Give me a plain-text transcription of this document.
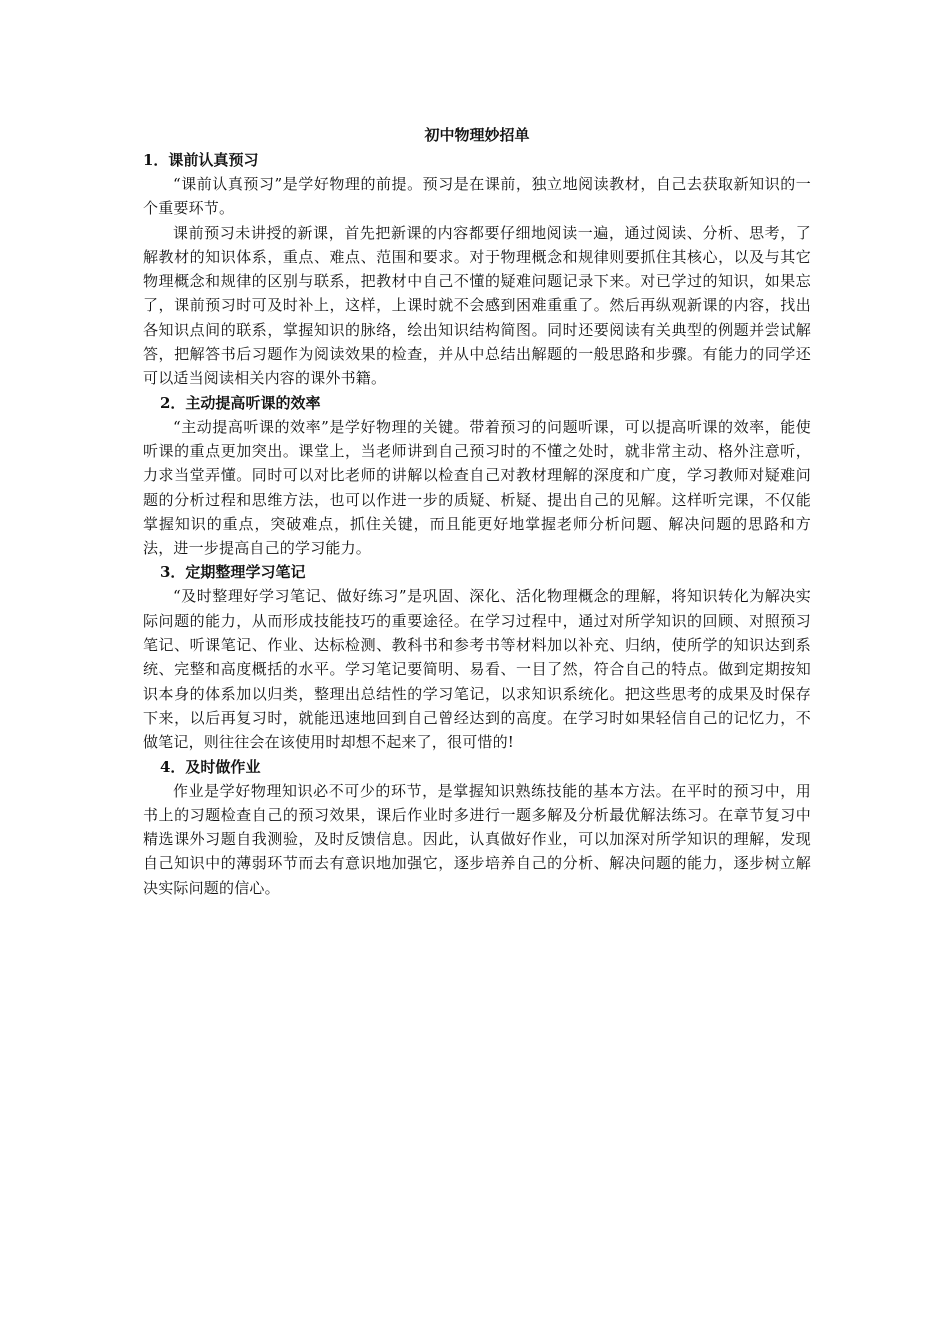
初中物理妙招单
1．课前认真预习

“课前认真预习”是学好物理的前提。预习是在课前，独立地阅读教材，自己去获取新知识的一个重要环节。

课前预习未讲授的新课，首先把新课的内容都要仔细地阅读一遍，通过阅读、分析、思考，了解教材的知识体系，重点、难点、范围和要求。对于物理概念和规律则要抓住其核心，以及与其它物理概念和规律的区别与联系，把教材中自己不懂的疑难问题记录下来。对已学过的知识，如果忘了，课前预习时可及时补上，这样，上课时就不会感到困难重重了。然后再纵观新课的内容，找出各知识点间的联系，掌握知识的脉络，绘出知识结构简图。同时还要阅读有关典型的例题并尝试解答，把解答书后习题作为阅读效果的检查，并从中总结出解题的一般思路和步骤。有能力的同学还可以适当阅读相关内容的课外书籍。

2．主动提高听课的效率

“主动提高听课的效率”是学好物理的关键。带着预习的问题听课，可以提高听课的效率，能使听课的重点更加突出。课堂上，当老师讲到自己预习时的不懂之处时，就非常主动、格外注意听，力求当堂弄懂。同时可以对比老师的讲解以检查自己对教材理解的深度和广度，学习教师对疑难问题的分析过程和思维方法，也可以作进一步的质疑、析疑、提出自己的见解。这样听完课，不仅能掌握知识的重点，突破难点，抓住关键，而且能更好地掌握老师分析问题、解决问题的思路和方法，进一步提高自己的学习能力。

3．定期整理学习笔记

“及时整理好学习笔记、做好练习”是巩固、深化、活化物理概念的理解，将知识转化为解决实际问题的能力，从而形成技能技巧的重要途径。在学习过程中，通过对所学知识的回顾、对照预习笔记、听课笔记、作业、达标检测、教科书和参考书等材料加以补充、归纳，使所学的知识达到系统、完整和高度概括的水平。学习笔记要简明、易看、一目了然，符合自己的特点。做到定期按知识本身的体系加以归类，整理出总结性的学习笔记，以求知识系统化。把这些思考的成果及时保存下来，以后再复习时，就能迅速地回到自己曾经达到的高度。在学习时如果轻信自己的记忆力，不做笔记，则往往会在该使用时却想不起来了，很可惜的!

4．及时做作业

作业是学好物理知识必不可少的环节，是掌握知识熟练技能的基本方法。在平时的预习中，用书上的习题检查自己的预习效果，课后作业时多进行一题多解及分析最优解法练习。在章节复习中精选课外习题自我测验，及时反馈信息。因此，认真做好作业，可以加深对所学知识的理解，发现自己知识中的薄弱环节而去有意识地加强它，逐步培养自己的分析、解决问题的能力，逐步树立解决实际问题的信心。
